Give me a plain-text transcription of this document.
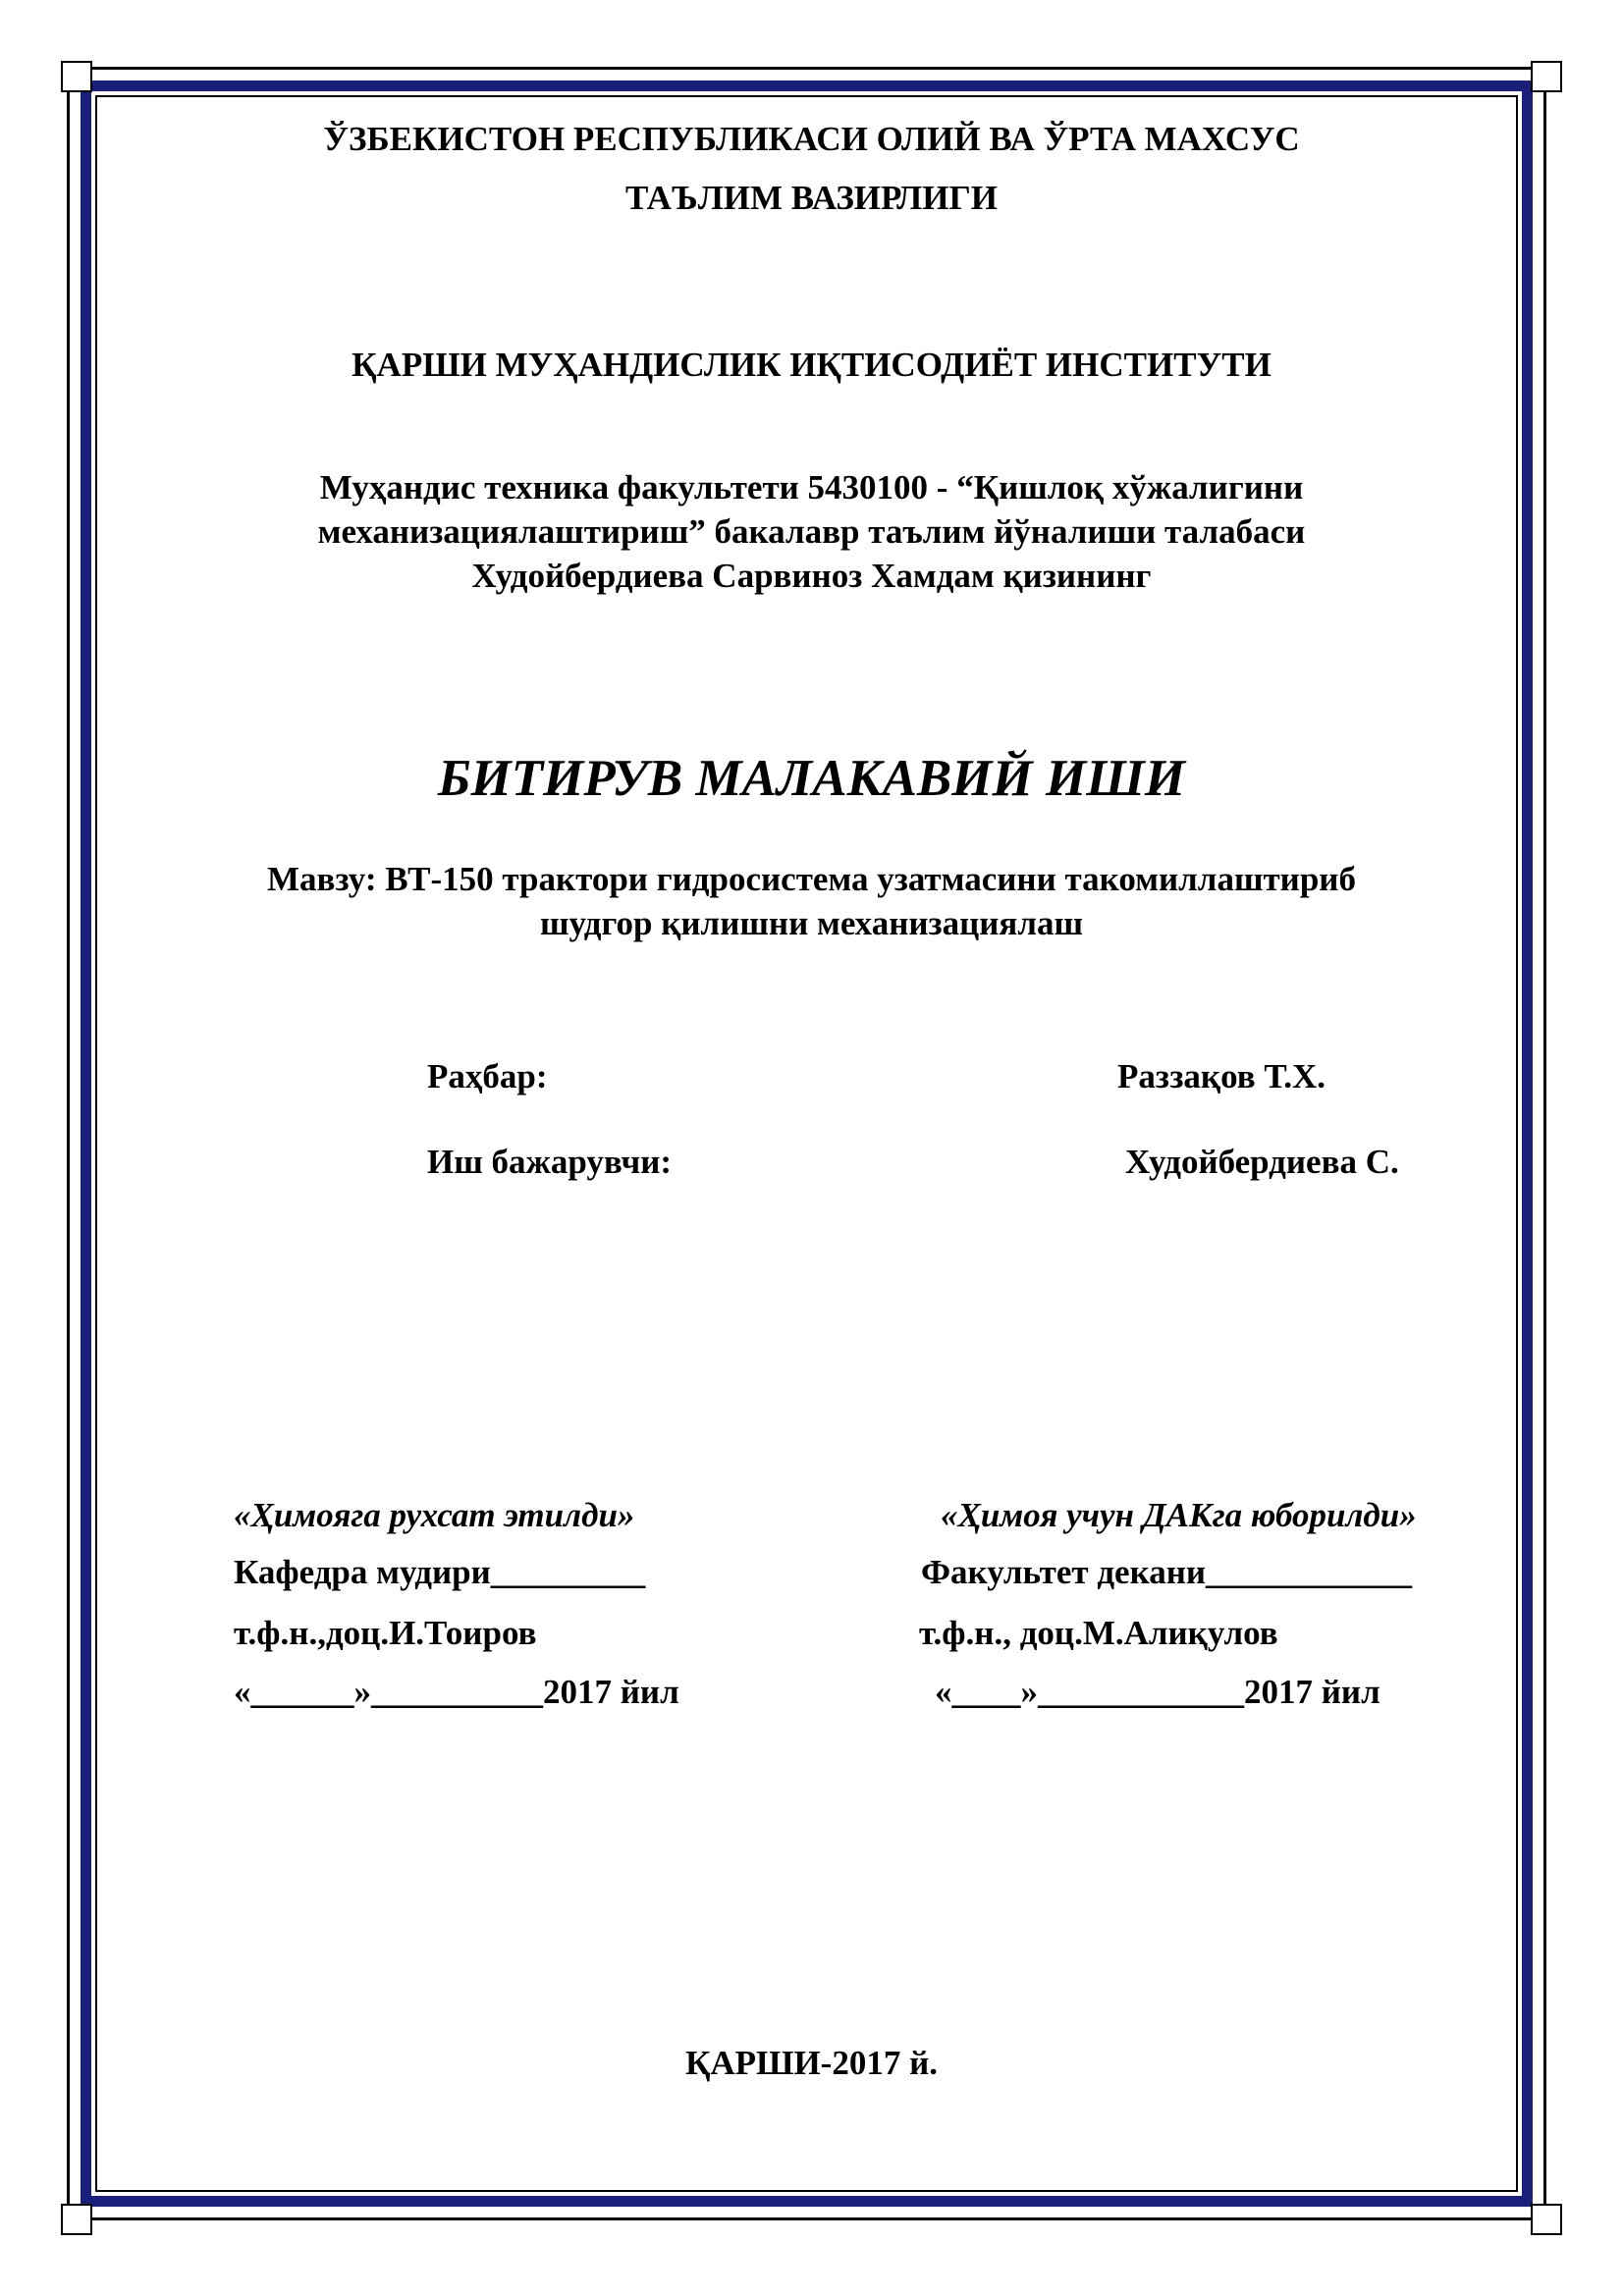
ЎЗБЕКИСТОН РЕСПУБЛИКАСИ ОЛИЙ ВА ЎРТА МАХСУС
ТАЪЛИМ ВАЗИРЛИГИ
ҚАРШИ МУҲАНДИСЛИК ИҚТИСОДИЁТ ИНСТИТУТИ
Муҳандис техника факультети 5430100 - “Қишлоқ хўжалигини
механизациялаштириш” бакалавр таълим йўналиши талабаси
Худойбердиева Сарвиноз Хамдам қизининг
БИТИРУВ МАЛАКАВИЙ ИШИ
Мавзу: ВТ-150 трактори гидросистема узатмасини такомиллаштириб
шудгор қилишни механизациялаш
Раҳбар:	Раззақов Т.Х.
Иш бажарувчи:	Худойбердиева С.
«Ҳимояга рухсат этилди»
Кафедра мудири_________
т.ф.н.,доц.И.Тоиров
«______»__________2017 йил
«Ҳимоя учун ДАКга юборилди»
Факультет декани____________
т.ф.н., доц.М.Алиқулов
«____»____________2017 йил
ҚАРШИ-2017 й.
